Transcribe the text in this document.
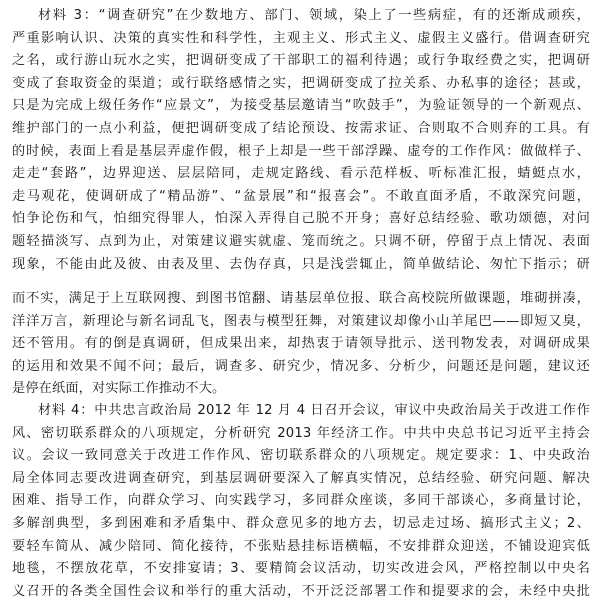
材料 3：“调查研究”在少数地方、部门、领域，染上了一些病症，有的还渐成顽疾，
严重影响认识、决策的真实性和科学性，主观主义、形式主义、虚假主义盛行。借调查研究
之名，或行游山玩水之实，把调研变成了干部职工的福利待遇；或行争取经费之实，把调研
变成了套取资金的渠道；或行联络感情之实，把调研变成了拉关系、办私事的途径；甚或，
只是为完成上级任务作“应景文”，为接受基层邀请当“吹鼓手”，为验证领导的一个新观点、
维护部门的一点小利益，便把调研变成了结论预设、按需求证、合则取不合则弃的工具。有
的时候，表面上看是基层弄虚作假，根子上却是一些干部浮躁、虚夸的工作作风：做做样子、
走走“套路”，边界迎送、层层陪同，走规定路线、看示范样板、听标准汇报，蜻蜓点水，
走马观花，使调研成了“精品游”、“盆景展”和“报喜会”。不敢直面矛盾，不敢深究问题，
怕争论伤和气，怕细究得罪人，怕深入弄得自己脱不开身；喜好总结经验、歌功颂德，对问
题轻描淡写、点到为止，对策建议避实就虚、笼而统之。只调不研，停留于点上情况、表面
现象，不能由此及彼、由表及里、去伪存真，只是浅尝辄止，简单做结论、匆忙下指示；研
而不实，满足于上互联网搜、到图书馆翻、请基层单位报、联合高校院所做课题，堆砌拼凑，
洋洋万言，新理论与新名词乱飞，图表与模型狂舞，对策建议却像小山羊尾巴——即短又臭，
还不管用。有的倒是真调研，但成果出来，却热衷于请领导批示、送刊物发表，对调研成果
的运用和效果不闻不问；最后，调查多、研究少，情况多、分析少，问题还是问题，建议还
是停在纸面，对实际工作推动不大。
材料 4：中共忠言政治局 2012 年 12 月 4 日召开会议，审议中央政治局关于改进工作作
风、密切联系群众的八项规定，分析研究 2013 年经济工作。中共中央总书记习近平主持会
议。会议一致同意关于改进工作作风、密切联系群众的八项规定。规定要求：1、中央政治
局全体同志要改进调查研究，到基层调研要深入了解真实情况，总结经验、研究问题、解决
困难、指导工作，向群众学习、向实践学习，多同群众座谈，多同干部谈心，多商量讨论，
多解剖典型，多到困难和矛盾集中、群众意见多的地方去，切忌走过场、搞形式主义；2、
要轻车简从、减少陪同、简化接待，不张贴悬挂标语横幅，不安排群众迎送，不铺设迎宾低
地毯，不摆放花草，不安排宴请；3、要精简会议活动，切实改进会风，严格控制以中央名
义召开的各类全国性会议和举行的重大活动，不开泛泛部署工作和提要求的会，未经中央批
